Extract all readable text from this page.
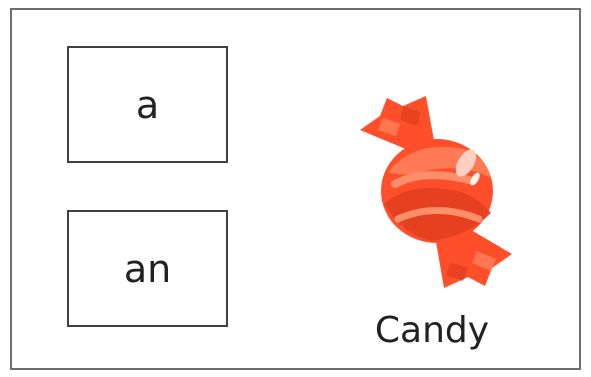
a
an
Candy
